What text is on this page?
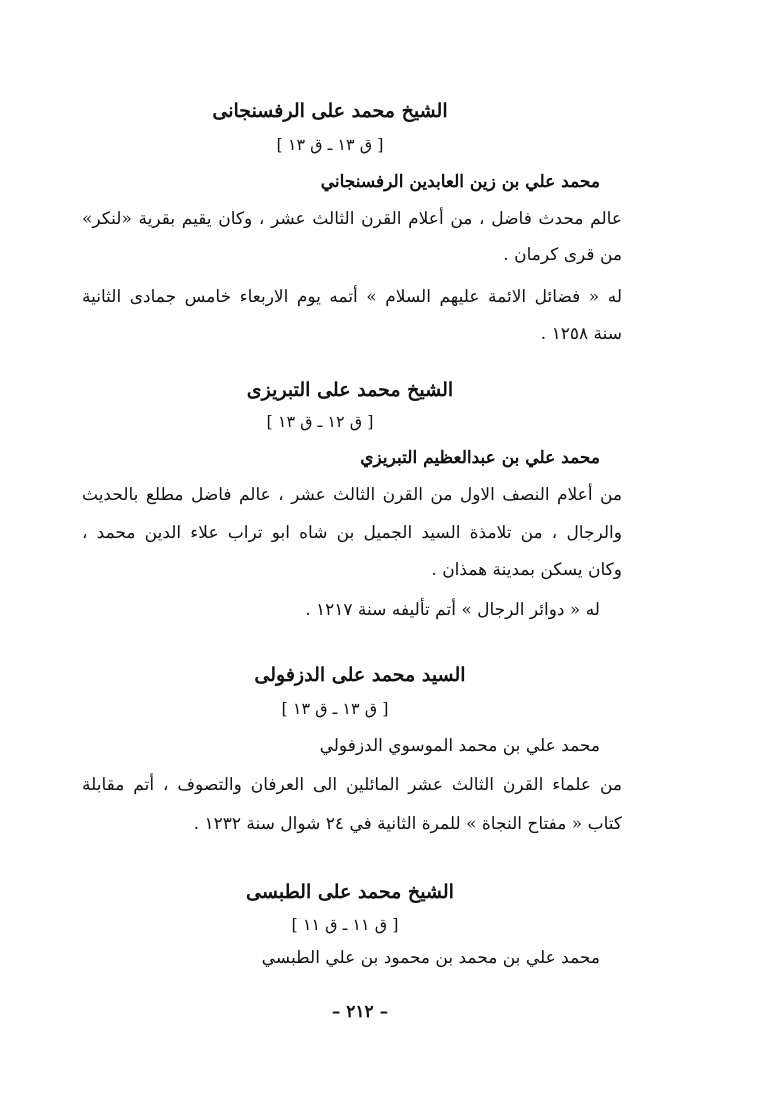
الشيخ محمد على الرفسنجانى
[ ق ١٣ ـ ق ١٣ ]
محمد علي بن زين العابدين الرفسنجاني
عالم محدث فاضل ، من أعلام القرن الثالث عشر ، وكان يقيم بقرية «لنكر»
من قرى كرمان .
له « فضائل الائمة عليهم السلام » أتمه يوم الاربعاء خامس جمادى الثانية
سنة ١٢٥٨ .
الشيخ محمد على التبريزى
[ ق ١٢ ـ ق ١٣ ]
محمد علي بن عبدالعظيم التبريزي
من أعلام النصف الاول من القرن الثالث عشر ، عالم فاضل مطلع بالحديث
والرجال ، من تلامذة السيد الجميل بن شاه ابو تراب علاء الدين محمد ،
وكان يسكن بمدينة همذان .
له « دوائر الرجال » أتم تأليفه سنة ١٢١٧ .
السيد محمد على الدزفولى
[ ق ١٣ ـ ق ١٣ ]
محمد علي بن محمد الموسوي الدزفولي
من علماء القرن الثالث عشر المائلين الى العرفان والتصوف ، أتم مقابلة
كتاب « مفتاح النجاة » للمرة الثانية في ٢٤ شوال سنة ١٢٣٢ .
الشيخ محمد على الطبسى
[ ق ١١ ـ ق ١١ ]
محمد علي بن محمد بن محمود بن علي الطبسي
– ٢١٢ –
